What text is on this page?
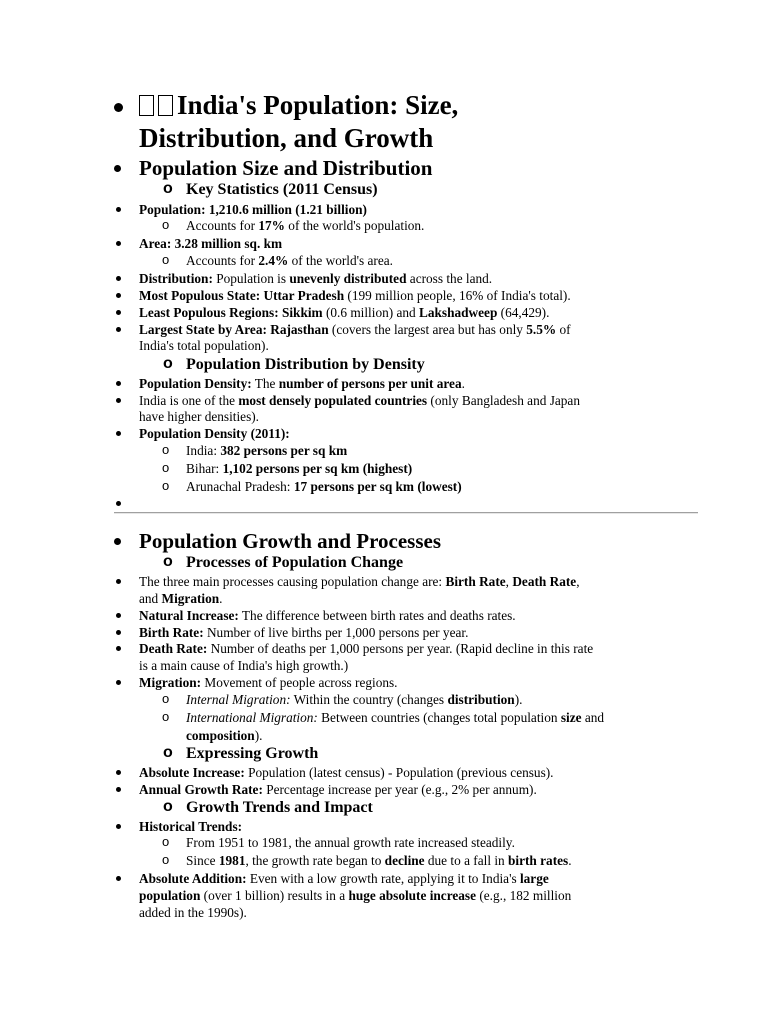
India's Population: Size,
Distribution, and Growth
Population Size and Distribution
o Key Statistics (2011 Census)
Population: 1,210.6 million (1.21 billion)
o Accounts for 17% of the world's population.
Area: 3.28 million sq. km
o Accounts for 2.4% of the world's area.
Distribution: Population is unevenly distributed across the land.
Most Populous State: Uttar Pradesh (199 million people, 16% of India's total).
Least Populous Regions: Sikkim (0.6 million) and Lakshadweep (64,429).
Largest State by Area: Rajasthan (covers the largest area but has only 5.5% of
India's total population).
o Population Distribution by Density
Population Density: The number of persons per unit area.
India is one of the most densely populated countries (only Bangladesh and Japan
have higher densities).
Population Density (2011):
o India: 382 persons per sq km
o Bihar: 1,102 persons per sq km (highest)
o Arunachal Pradesh: 17 persons per sq km (lowest)
Population Growth and Processes
o Processes of Population Change
The three main processes causing population change are: Birth Rate, Death Rate,
and Migration.
Natural Increase: The difference between birth rates and deaths rates.
Birth Rate: Number of live births per 1,000 persons per year.
Death Rate: Number of deaths per 1,000 persons per year. (Rapid decline in this rate
is a main cause of India's high growth.)
Migration: Movement of people across regions.
o Internal Migration: Within the country (changes distribution).
o International Migration: Between countries (changes total population size and
composition).
o Expressing Growth
Absolute Increase: Population (latest census) - Population (previous census).
Annual Growth Rate: Percentage increase per year (e.g., 2% per annum).
o Growth Trends and Impact
Historical Trends:
o From 1951 to 1981, the annual growth rate increased steadily.
o Since 1981, the growth rate began to decline due to a fall in birth rates.
Absolute Addition: Even with a low growth rate, applying it to India's large
population (over 1 billion) results in a huge absolute increase (e.g., 182 million
added in the 1990s).
